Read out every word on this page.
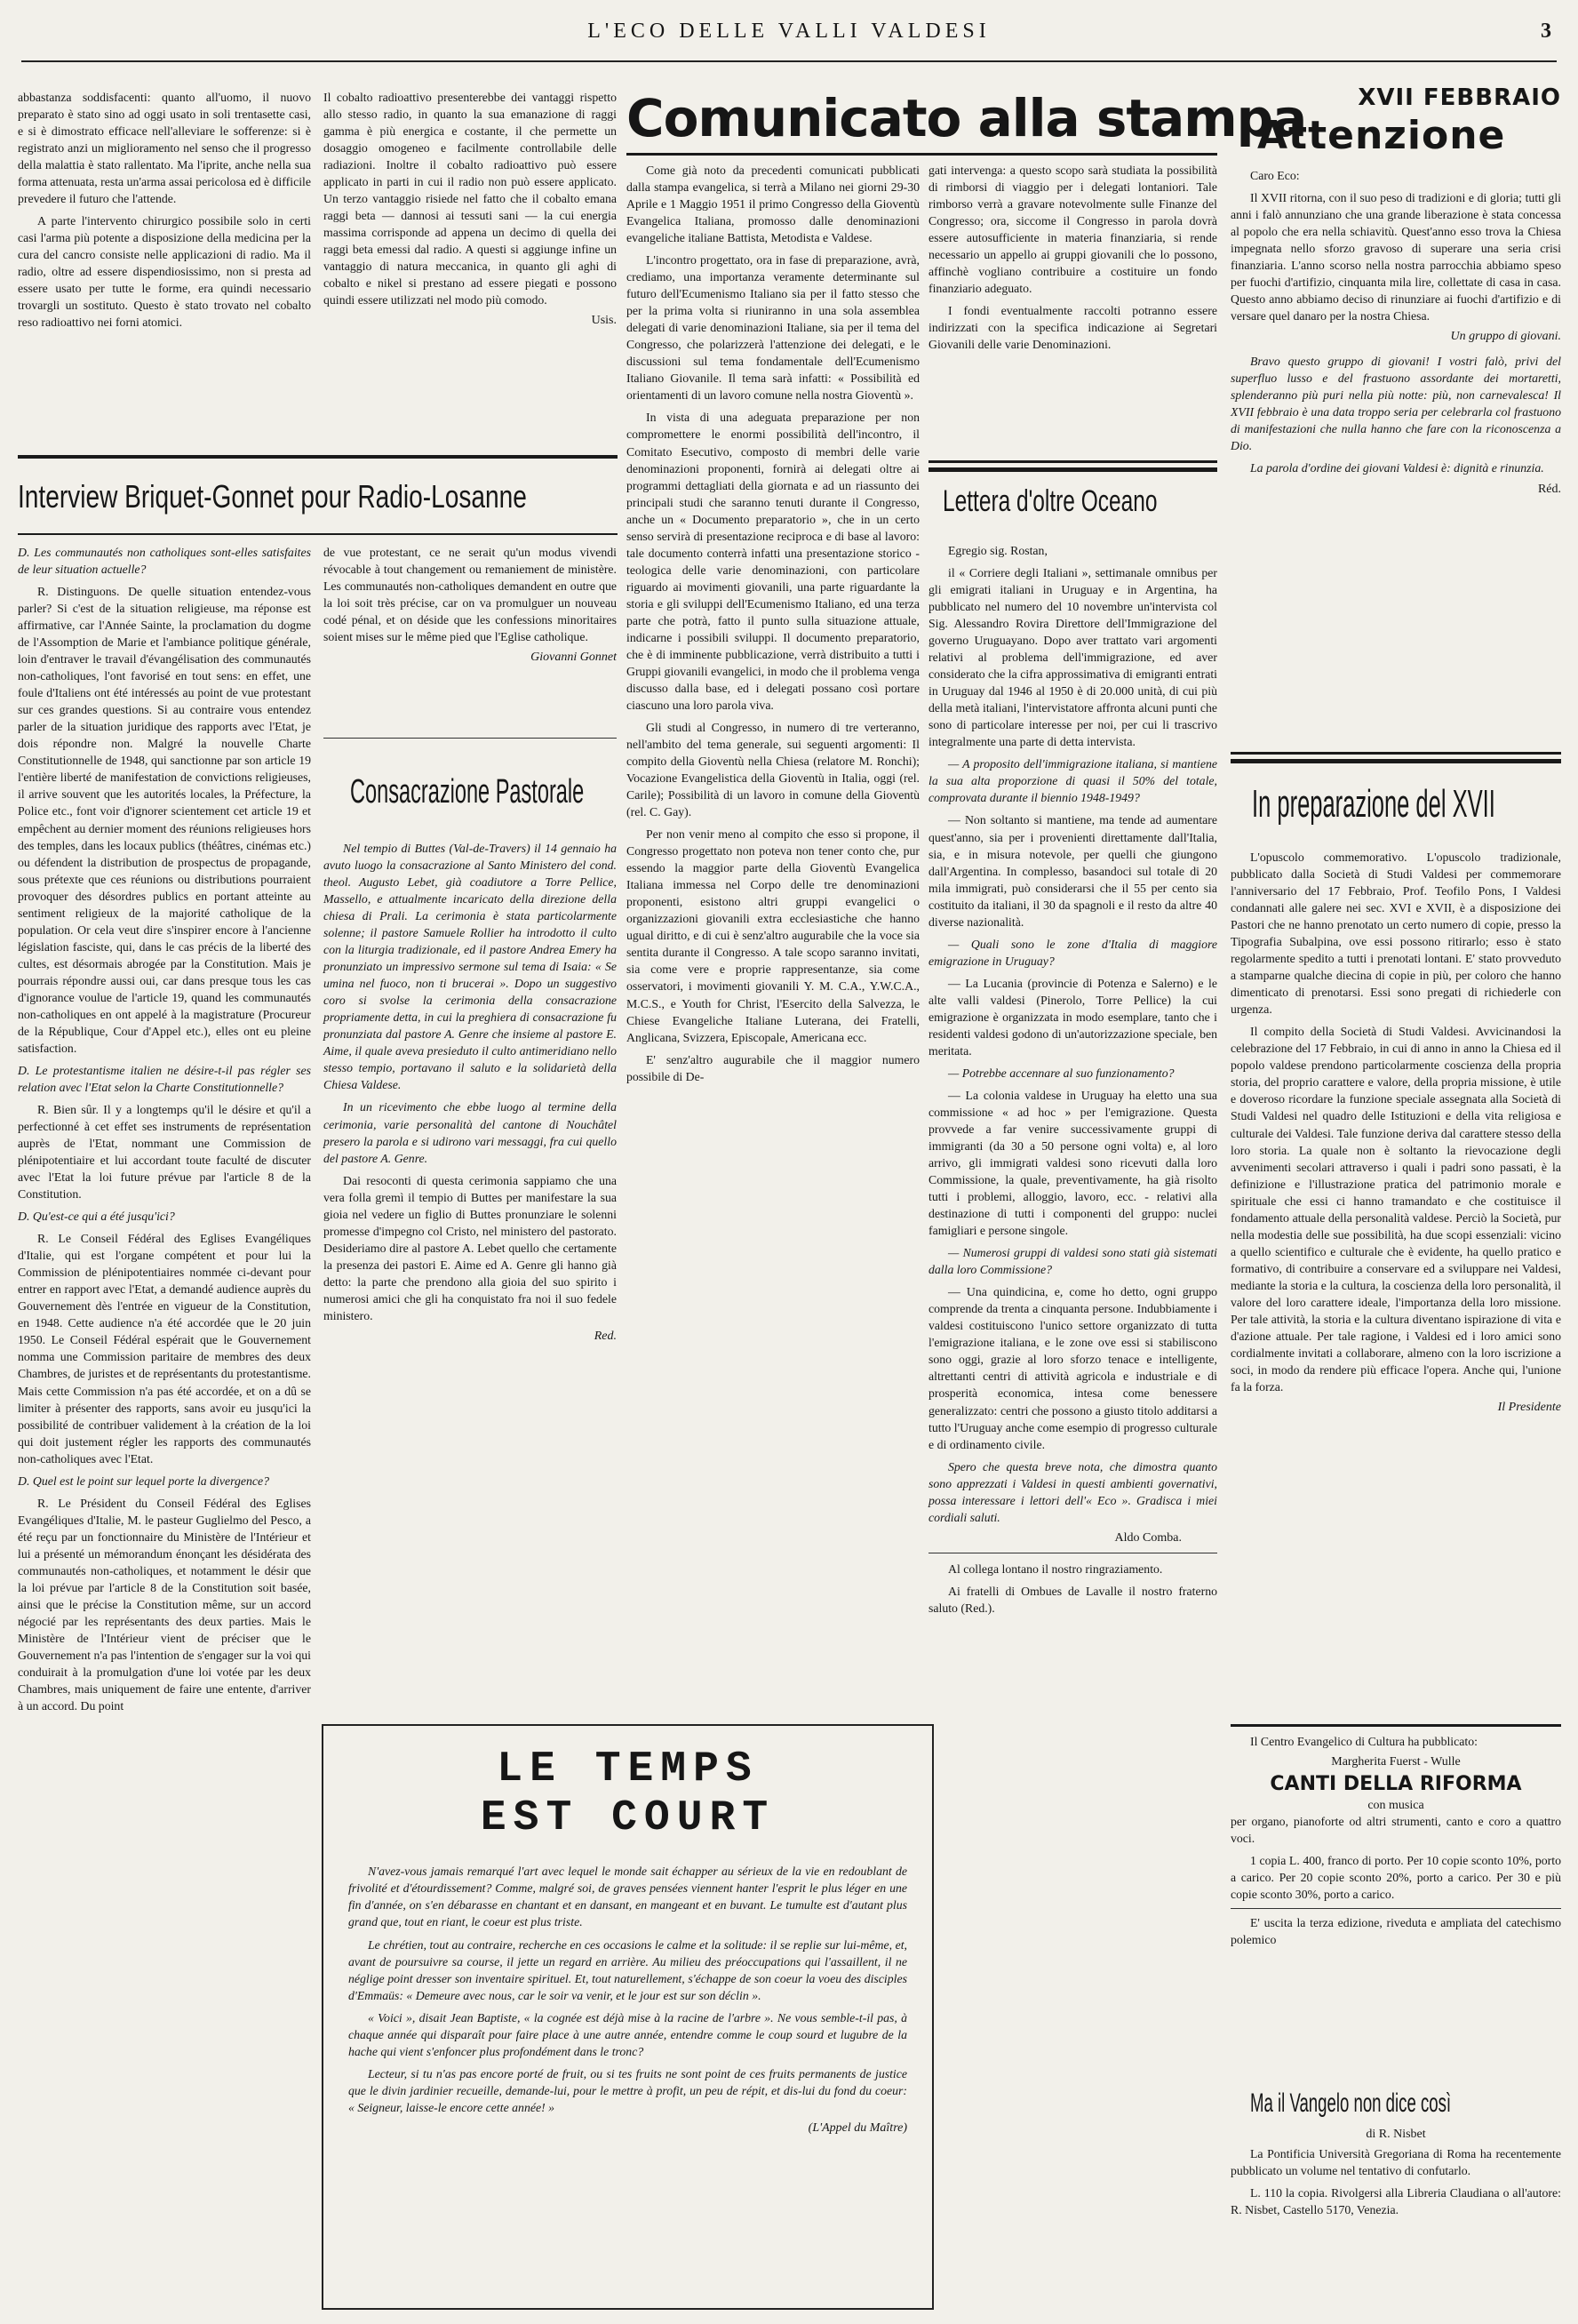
L'ECO DELLE VALLI VALDESI	3

abbastanza soddisfacenti: quanto all'uomo, il nuovo preparato è stato sino ad oggi usato in soli trentasette casi, e si è dimostrato efficace nell'alleviare le sofferenze: si è registrato anzi un miglioramento nel senso che il progresso della malattia è stato rallentato. Ma l'iprite, anche nella sua forma attenuata, resta un'arma assai pericolosa ed è difficile prevedere il futuro che l'attende.

A parte l'intervento chirurgico possibile solo in certi casi l'arma più potente a disposizione della medicina per la cura del cancro consiste nelle applicazioni di radio. Ma il radio, oltre ad essere dispendiosissimo, non si presta ad essere usato per tutte le forme, era quindi necessario trovargli un sostituto. Questo è stato trovato nel cobalto reso radioattivo nei forni atomici.

Il cobalto radioattivo presenterebbe dei vantaggi rispetto allo stesso radio, in quanto la sua emanazione di raggi gamma è più energica e costante, il che permette un dosaggio omogeneo e facilmente controllabile delle radiazioni. Inoltre il cobalto radioattivo può essere applicato in parti in cui il radio non può essere applicato. Un terzo vantaggio risiede nel fatto che il cobalto emana raggi beta — dannosi ai tessuti sani — la cui energia massima corrisponde ad appena un decimo di quella dei raggi beta emessi dal radio. A questi si aggiunge infine un vantaggio di natura meccanica, in quanto gli aghi di cobalto e nikel si prestano ad essere piegati e possono quindi essere utilizzati nel modo più comodo.

Usis.
Interview Briquet-Gonnet pour Radio-Losanne

D. Les communautés non catholiques sont-elles satisfaites de leur situation actuelle?

R. Distinguons. De quelle situation entendez-vous parler? Si c'est de la situation religieuse, ma réponse est affirmative, car l'Année Sainte, la proclamation du dogme de l'Assomption de Marie et l'ambiance politique générale, loin d'entraver le travail d'évangélisation des communautés non-catholiques, l'ont favorisé en tout sens: en effet, une foule d'Italiens ont été intéressés au point de vue protestant sur ces grandes questions. Si au contraire vous entendez parler de la situation juridique des rapports avec l'Etat, je dois répondre non. Malgré la nouvelle Charte Constitutionnelle de 1948, qui sanctionne par son article 19 l'entière liberté de manifestation de convictions religieuses, il arrive souvent que les autorités locales, la Préfecture, la Police etc., font voir d'ignorer scientement cet article 19 et empêchent au dernier moment des réunions religieuses hors des temples, dans les locaux publics (théâtres, cinémas etc.) ou défendent la distribution de prospectus de propagande, sous prétexte que ces réunions ou distributions pourraient provoquer des désordres publics en portant atteinte au sentiment religieux de la majorité catholique de la population. Or cela veut dire s'inspirer encore à l'ancienne législation fasciste, qui, dans le cas précis de la liberté des cultes, est désormais abrogée par la Constitution. Mais je pourrais répondre aussi oui, car dans presque tous les cas d'ignorance voulue de l'article 19, quand les communautés non-catholiques en ont appelé à la magistrature (Procureur de la République, Cour d'Appel etc.), elles ont eu pleine satisfaction.

D. Le protestantisme italien ne désire-t-il pas régler ses relation avec l'Etat selon la Charte Constitutionnelle?

R. Bien sûr. Il y a longtemps qu'il le désire et qu'il a perfectionné à cet effet ses instruments de représentation auprès de l'Etat, nommant une Commission de plénipotentiaire et lui accordant toute faculté de discuter avec l'Etat la loi future prévue par l'article 8 de la Constitution.

D. Qu'est-ce qui a été jusqu'ici?

R. Le Conseil Fédéral des Eglises Evangéliques d'Italie, qui est l'organe compétent et pour lui la Commission de plénipotentiaires nommée ci-devant pour entrer en rapport avec l'Etat, a demandé audience auprès du Gouvernement dès l'entrée en vigueur de la Constitution, en 1948. Cette audience n'a été accordée que le 20 juin 1950. Le Conseil Fédéral espérait que le Gouvernement nomma une Commission paritaire de membres des deux Chambres, de juristes et de représentants du protestantisme. Mais cette Commission n'a pas été accordée, et on a dû se limiter à présenter des rapports, sans avoir eu jusqu'ici la possibilité de contribuer validement à la création de la loi qui doit justement régler les rapports des communautés non-catholiques avec l'Etat.

D. Quel est le point sur lequel porte la divergence?

R. Le Président du Conseil Fédéral des Eglises Evangéliques d'Italie, M. le pasteur Guglielmo del Pesco, a été reçu par un fonctionnaire du Ministère de l'Intérieur et lui a présenté un mémorandum énonçant les désidérata des communautés non-catholiques, et notamment le désir que la loi prévue par l'article 8 de la Constitution soit basée, ainsi que le précise la Constitution même, sur un accord négocié par les représentants des deux parties. Mais le Ministère de l'Intérieur vient de préciser que le Gouvernement n'a pas l'intention de s'engager sur la voi qui conduirait à la promulgation d'une loi votée par les deux Chambres, mais uniquement de faire une entente, d'arriver à un accord. Du point

de vue protestant, ce ne serait qu'un modus vivendi révocable à tout changement ou remaniement de ministère. Les communautés non-catholiques demandent en outre que la loi soit très précise, car on va promulguer un nouveau codé pénal, et on déside que les confessions minoritaires soient mises sur le même pied que l'Eglise catholique.

Giovanni Gonnet
Consacrazione Pastorale

Nel tempio di Buttes (Val-de-Travers) il 14 gennaio ha avuto luogo la consacrazione al Santo Ministero del cond. theol. Augusto Lebet, già coadiutore a Torre Pellice, Massello, e attualmente incaricato della direzione della chiesa di Prali. La cerimonia è stata particolarmente solenne; il pastore Samuele Rollier ha introdotto il culto con la liturgia tradizionale, ed il pastore Andrea Emery ha pronunziato un impressivo sermone sul tema di Isaia: « Se umina nel fuoco, non ti brucerai ». Dopo un suggestivo coro si svolse la cerimonia della consacrazione propriamente detta, in cui la preghiera di consacrazione fu pronunziata dal pastore A. Genre che insieme al pastore E. Aime, il quale aveva presieduto il culto antimeridiano nello stesso tempio, portavano il saluto e la solidarietà della Chiesa Valdese.

In un ricevimento che ebbe luogo al termine della cerimonia, varie personalità del cantone di Nouchâtel presero la parola e si udirono vari messaggi, fra cui quello del pastore A. Genre.

Dai resoconti di questa cerimonia sappiamo che una vera folla gremì il tempio di Buttes per manifestare la sua gioia nel vedere un figlio di Buttes pronunziare le solenni promesse d'impegno col Cristo, nel ministero del pastorato. Desideriamo dire al pastore A. Lebet quello che certamente la presenza dei pastori E. Aime ed A. Genre gli hanno già detto: la parte che prendono alla gioia del suo spirito i numerosi amici che gli ha conquistato fra noi il suo fedele ministero.

Red.
LE TEMPS
EST COURT

N'avez-vous jamais remarqué l'art avec lequel le monde sait échapper au sérieux de la vie en redoublant de frivolité et d'étourdissement? Comme, malgré soi, de graves pensées viennent hanter l'esprit le plus léger en une fin d'année, on s'en débarasse en chantant et en dansant, en mangeant et en buvant. Le tumulte est d'autant plus grand que, tout en riant, le coeur est plus triste.

Le chrétien, tout au contraire, recherche en ces occasions le calme et la solitude: il se replie sur lui-même, et, avant de poursuivre sa course, il jette un regard en arrière. Au milieu des préoccupations qui l'assaillent, il ne néglige point dresser son inventaire spirituel. Et, tout naturellement, s'échappe de son coeur la voeu des disciples d'Emmaüs: « Demeure avec nous, car le soir va venir, et le jour est sur son déclin ».

« Voici », disait Jean Baptiste, « la cognée est déjà mise à la racine de l'arbre ». Ne vous semble-t-il pas, à chaque année qui disparaît pour faire place à une autre année, entendre comme le coup sourd et lugubre de la hache qui vient s'enfoncer plus profondément dans le tronc?

Lecteur, si tu n'as pas encore porté de fruit, ou si tes fruits ne sont point de ces fruits permanents de justice que le divin jardinier recueille, demande-lui, pour le mettre à profit, un peu de répit, et dis-lui du fond du coeur: « Seigneur, laisse-le encore cette année! »

(L'Appel du Maître)
Comunicato alla stampa

Come già noto da precedenti comunicati pubblicati dalla stampa evangelica, si terrà a Milano nei giorni 29-30 Aprile e 1 Maggio 1951 il primo Congresso della Gioventù Evangelica Italiana, promosso dalle denominazioni evangeliche italiane Battista, Metodista e Valdese.

L'incontro progettato, ora in fase di preparazione, avrà, crediamo, una importanza veramente determinante sul futuro dell'Ecumenismo Italiano sia per il fatto stesso che per la prima volta si riuniranno in una sola assemblea delegati di varie denominazioni Italiane, sia per il tema del Congresso, che polarizzerà l'attenzione dei delegati, e le discussioni sul tema fondamentale dell'Ecumenismo Italiano Giovanile. Il tema sarà infatti: « Possibilità ed orientamenti di un lavoro comune nella nostra Gioventù ».

In vista di una adeguata preparazione per non compromettere le enormi possibilità dell'incontro, il Comitato Esecutivo, composto di membri delle varie denominazioni proponenti, fornirà ai delegati oltre ai programmi dettagliati della giornata e ad un riassunto dei principali studi che saranno tenuti durante il Congresso, anche un « Documento preparatorio », che in un certo senso servirà di presentazione reciproca e di base al lavoro: tale documento conterrà infatti una presentazione storico - teologica delle varie denominazioni, con particolare riguardo ai movimenti giovanili, una parte riguardante la storia e gli sviluppi dell'Ecumenismo Italiano, ed una terza parte che potrà, fatto il punto sulla situazione attuale, indicarne i possibili sviluppi. Il documento preparatorio, che è di imminente pubblicazione, verrà distribuito a tutti i Gruppi giovanili evangelici, in modo che il problema venga discusso dalla base, ed i delegati possano così portare ciascuno una loro parola viva.

Gli studi al Congresso, in numero di tre verteranno, nell'ambito del tema generale, sui seguenti argomenti: Il compito della Gioventù nella Chiesa (relatore M. Ronchi); Vocazione Evangelistica della Gioventù in Italia, oggi (rel. Carile); Possibilità di un lavoro in comune della Gioventù (rel. C. Gay).

Per non venir meno al compito che esso si propone, il Congresso progettato non poteva non tener conto che, pur essendo la maggior parte della Gioventù Evangelica Italiana immessa nel Corpo delle tre denominazioni proponenti, esistono altri gruppi evangelici o organizzazioni giovanili extra ecclesiastiche che hanno ugual diritto, e di cui è senz'altro augurabile che la voce sia sentita durante il Congresso. A tale scopo saranno invitati, sia come vere e proprie rappresentanze, sia come osservatori, i movimenti giovanili Y. M. C.A., Y.W.C.A., M.C.S., e Youth for Christ, l'Esercito della Salvezza, le Chiese Evangeliche Italiane Luterana, dei Fratelli, Anglicana, Svizzera, Episcopale, Americana ecc.

E' senz'altro augurabile che il maggior numero possibile di De-

gati intervenga: a questo scopo sarà studiata la possibilità di rimborsi di viaggio per i delegati lontaniori. Tale rimborso verrà a gravare notevolmente sulle Finanze del Congresso; ora, siccome il Congresso in parola dovrà essere autosufficiente in materia finanziaria, si rende necessario un appello ai gruppi giovanili che lo possono, affinchè vogliano contribuire a costituire un fondo finanziario adeguato.

I fondi eventualmente raccolti potranno essere indirizzati con la specifica indicazione ai Segretari Giovanili delle varie Denominazioni.

Lettera d'oltre Oceano

Egregio sig. Rostan,

il « Corriere degli Italiani », settimanale omnibus per gli emigrati italiani in Uruguay e in Argentina, ha pubblicato nel numero del 10 novembre un'intervista col Sig. Alessandro Rovira Direttore dell'Immigrazione del governo Uruguayano. Dopo aver trattato vari argomenti relativi al problema dell'immigrazione, ed aver considerato che la cifra approssimativa di emigranti entrati in Uruguay dal 1946 al 1950 è di 20.000 unità, di cui più della metà italiani, l'intervistatore affronta alcuni punti che sono di particolare interesse per noi, per cui li trascrivo integralmente una parte di detta intervista.

— A proposito dell'immigrazione italiana, si mantiene la sua alta proporzione di quasi il 50% del totale, comprovata durante il biennio 1948-1949?

— Non soltanto si mantiene, ma tende ad aumentare quest'anno, sia per i provenienti direttamente dall'Italia, sia, e in misura notevole, per quelli che giungono dall'Argentina. In complesso, basandoci sul totale di 20 mila immigrati, può considerarsi che il 55 per cento sia costituito da italiani, il 30 da spagnoli e il resto da altre 40 diverse nazionalità.

— Quali sono le zone d'Italia di maggiore emigrazione in Uruguay?

— La Lucania (provincie di Potenza e Salerno) e le alte valli valdesi (Pinerolo, Torre Pellice) la cui emigrazione è organizzata in modo esemplare, tanto che i residenti valdesi godono di un'autorizzazione speciale, ben meritata.

— Potrebbe accennare al suo funzionamento?

— La colonia valdese in Uruguay ha eletto una sua commissione « ad hoc » per l'emigrazione. Questa provvede a far venire successivamente gruppi di immigranti (da 30 a 50 persone ogni volta) e, al loro arrivo, gli immigrati valdesi sono ricevuti dalla loro Commissione, la quale, preventivamente, ha già risolto tutti i problemi, alloggio, lavoro, ecc. - relativi alla destinazione di tutti i componenti del gruppo: nuclei famigliari e persone singole.

— Numerosi gruppi di valdesi sono stati già sistemati dalla loro Commissione?

— Una quindicina, e, come ho detto, ogni gruppo comprende da trenta a cinquanta persone. Indubbiamente i valdesi costituiscono l'unico settore organizzato di tutta l'emigrazione italiana, e le zone ove essi si stabiliscono sono oggi, grazie al loro sforzo tenace e intelligente, altrettanti centri di attività agricola e industriale e di prosperità economica, intesa come benessere generalizzato: centri che possono a giusto titolo additarsi a tutto l'Uruguay anche come esempio di progresso culturale e di ordinamento civile.

Spero che questa breve nota, che dimostra quanto sono apprezzati i Valdesi in questi ambienti governativi, possa interessare i lettori dell'« Eco ». Gradisca i miei cordiali saluti.

Aldo Comba.

Al collega lontano il nostro ringraziamento.

Ai fratelli di Ombues de Lavalle il nostro fraterno saluto (Red.).

XVII FEBBRAIO
Attenzione

Caro Eco:

Il XVII ritorna, con il suo peso di tradizioni e di gloria; tutti gli anni i falò annunziano che una grande liberazione è stata concessa al popolo che era nella schiavitù. Quest'anno esso trova la Chiesa impegnata nello sforzo gravoso di superare una seria crisi finanziaria. L'anno scorso nella nostra parrocchia abbiamo speso per fuochi d'artifizio, cinquanta mila lire, collettate di casa in casa. Questo anno abbiamo deciso di rinunziare ai fuochi d'artifizio e di versare quel danaro per la nostra Chiesa.

Un gruppo di giovani.

Bravo questo gruppo di giovani! I vostri falò, privi del superfluo lusso e del frastuono assordante dei mortaretti, splenderanno più puri nella più notte: più, non carnevalesca! Il XVII febbraio è una data troppo seria per celebrarla col frastuono di manifestazioni che nulla hanno che fare con la riconoscenza a Dio.

La parola d'ordine dei giovani Valdesi è: dignità e rinunzia.

Réd.
In preparazione del XVII

L'opuscolo commemorativo. L'opuscolo tradizionale, pubblicato dalla Società di Studi Valdesi per commemorare l'anniversario del 17 Febbraio, Prof. Teofilo Pons, I Valdesi condannati alle galere nei sec. XVI e XVII, è a disposizione dei Pastori che ne hanno prenotato un certo numero di copie, presso la Tipografia Subalpina, ove essi possono ritirarlo; esso è stato regolarmente spedito a tutti i prenotati lontani. E' stato provveduto a stamparne qualche diecina di copie in più, per coloro che hanno dimenticato di prenotarsi. Essi sono pregati di richiederle con urgenza.

Il compito della Società di Studi Valdesi. Avvicinandosi la celebrazione del 17 Febbraio, in cui di anno in anno la Chiesa ed il popolo valdese prendono particolarmente coscienza della propria storia, del proprio carattere e valore, della propria missione, è utile e doveroso ricordare la funzione speciale assegnata alla Società di Studi Valdesi nel quadro delle Istituzioni e della vita religiosa e culturale dei Valdesi. Tale funzione deriva dal carattere stesso della loro storia. La quale non è soltanto la rievocazione degli avvenimenti secolari attraverso i quali i padri sono passati, è la definizione e l'illustrazione pratica del patrimonio morale e spirituale che essi ci hanno tramandato e che costituisce il fondamento attuale della personalità valdese. Perciò la Società, pur nella modestia delle sue possibilità, ha due scopi essenziali: vicino a quello scientifico e culturale che è evidente, ha quello pratico e formativo, di contribuire a conservare ed a sviluppare nei Valdesi, mediante la storia e la cultura, la coscienza della loro personalità, il valore del loro carattere ideale, l'importanza della loro missione. Per tale attività, la storia e la cultura diventano ispirazione di vita e d'azione attuale. Per tale ragione, i Valdesi ed i loro amici sono cordialmente invitati a collaborare, almeno con la loro iscrizione a soci, in modo da rendere più efficace l'opera. Anche qui, l'unione fa la forza.

Il Presidente

Il Centro Evangelico di Cultura ha pubblicato:

Margherita Fuerst - Wulle
CANTI DELLA RIFORMA
con musica

per organo, pianoforte od altri strumenti, canto e coro a quattro voci.

1 copia L. 400, franco di porto. Per 10 copie sconto 10%, porto a carico. Per 20 copie sconto 20%, porto a carico. Per 30 e più copie sconto 30%, porto a carico.

E' uscita la terza edizione, riveduta e ampliata del catechismo polemico

Ma il Vangelo non dice così
di R. Nisbet

La Pontificia Università Gregoriana di Roma ha recentemente pubblicato un volume nel tentativo di confutarlo.

L. 110 la copia. Rivolgersi alla Libreria Claudiana o all'autore: R. Nisbet, Castello 5170, Venezia.
